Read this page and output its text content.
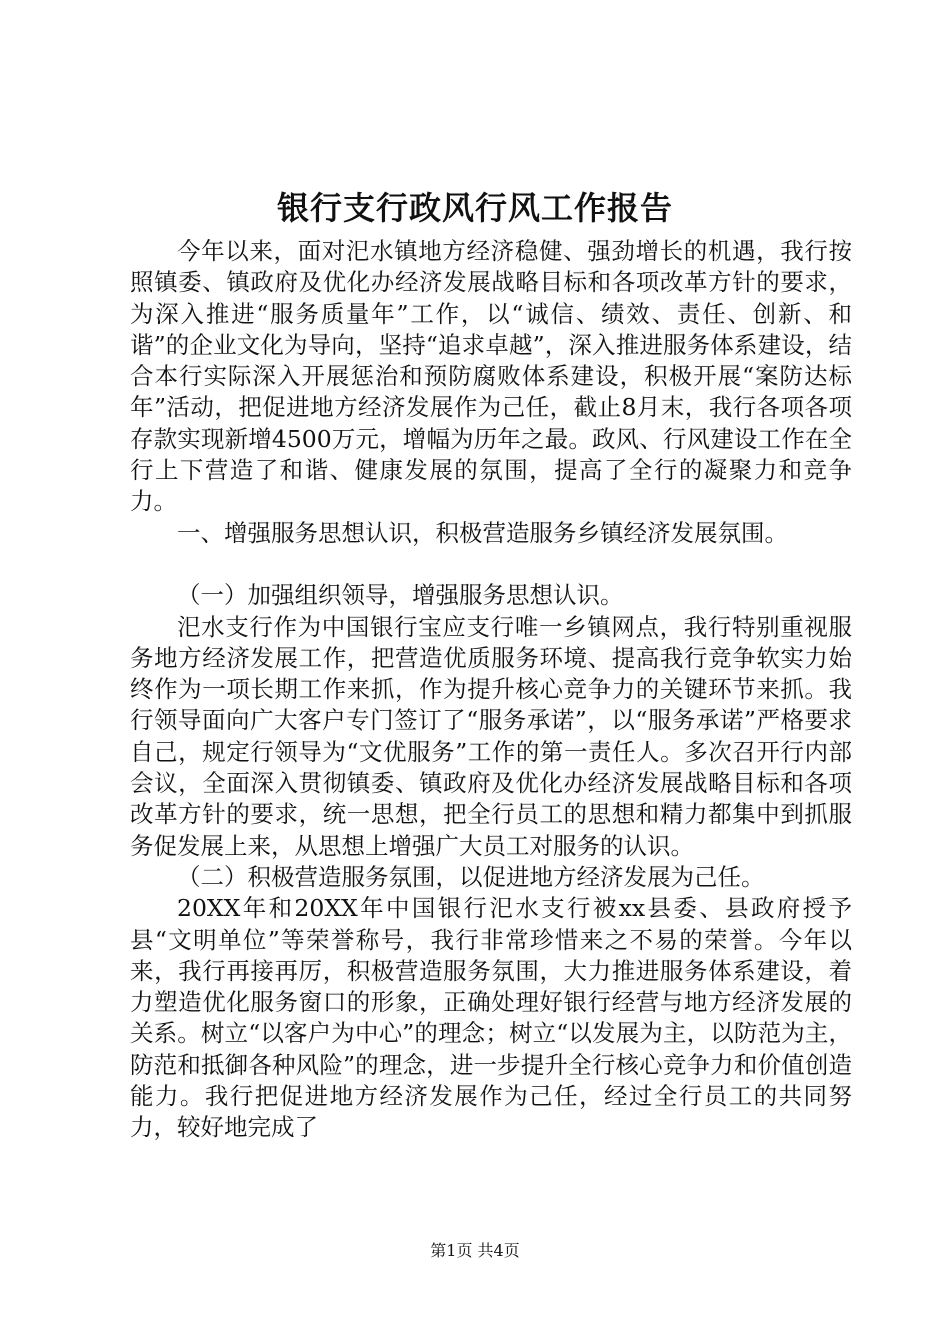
银行支行政风行风工作报告

今年以来，面对汜水镇地方经济稳健、强劲增长的机遇，我行按照镇委、镇政府及优化办经济发展战略目标和各项改革方针的要求，为深入推进“服务质量年”工作，以“诚信、绩效、责任、创新、和谐”的企业文化为导向，坚持“追求卓越”，深入推进服务体系建设，结合本行实际深入开展惩治和预防腐败体系建设，积极开展“案防达标年”活动，把促进地方经济发展作为己任，截止8月末，我行各项各项存款实现新增4500万元，增幅为历年之最。政风、行风建设工作在全行上下营造了和谐、健康发展的氛围，提高了全行的凝聚力和竞争力。

一、增强服务思想认识，积极营造服务乡镇经济发展氛围。

（一）加强组织领导，增强服务思想认识。

汜水支行作为中国银行宝应支行唯一乡镇网点，我行特别重视服务地方经济发展工作，把营造优质服务环境、提高我行竞争软实力始终作为一项长期工作来抓，作为提升核心竞争力的关键环节来抓。我行领导面向广大客户专门签订了“服务承诺”，以“服务承诺”严格要求自己，规定行领导为“文优服务”工作的第一责任人。多次召开行内部会议，全面深入贯彻镇委、镇政府及优化办经济发展战略目标和各项改革方针的要求，统一思想，把全行员工的思想和精力都集中到抓服务促发展上来，从思想上增强广大员工对服务的认识。

（二）积极营造服务氛围，以促进地方经济发展为己任。

20XX年和20XX年中国银行汜水支行被xx县委、县政府授予县“文明单位”等荣誉称号，我行非常珍惜来之不易的荣誉。今年以来，我行再接再厉，积极营造服务氛围，大力推进服务体系建设，着力塑造优化服务窗口的形象，正确处理好银行经营与地方经济发展的关系。树立“以客户为中心”的理念；树立“以发展为主，以防范为主，防范和抵御各种风险”的理念，进一步提升全行核心竞争力和价值创造能力。我行把促进地方经济发展作为己任，经过全行员工的共同努力，较好地完成了

第1页 共4页
